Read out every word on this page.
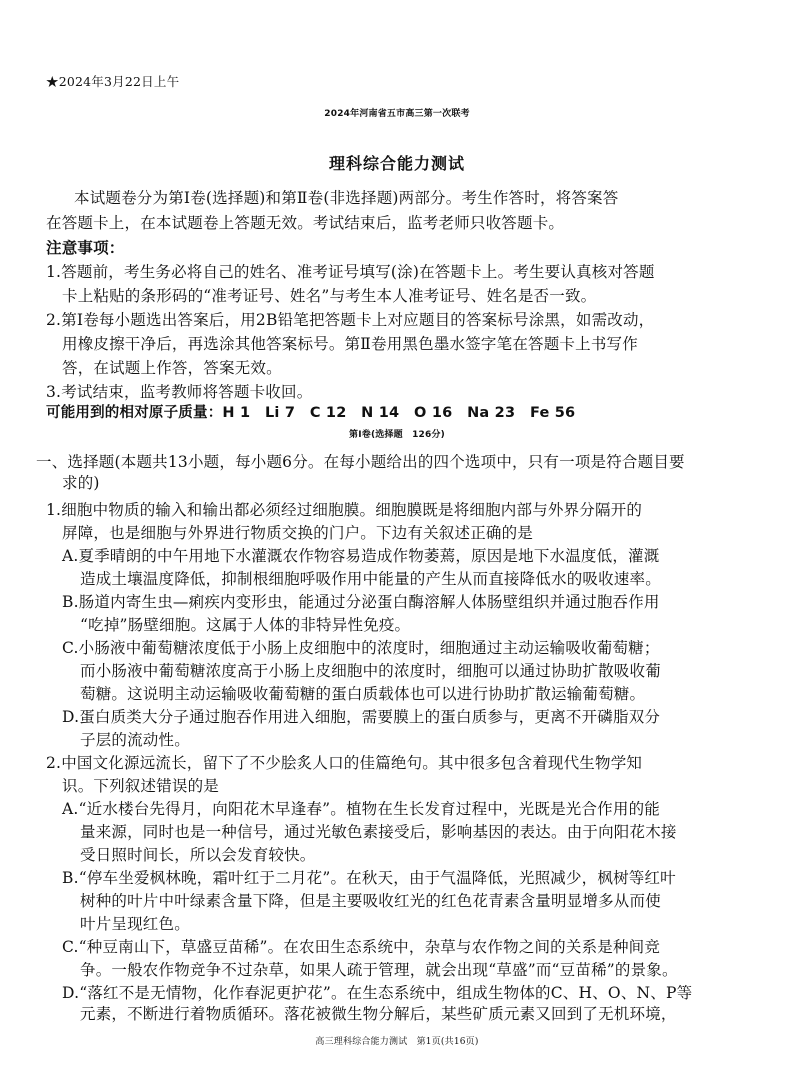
★2024年3月22日上午
2024年河南省五市高三第一次联考
理科综合能力测试
本试题卷分为第Ⅰ卷(选择题)和第Ⅱ卷(非选择题)两部分。考生作答时，将答案答
在答题卡上，在本试题卷上答题无效。考试结束后，监考老师只收答题卡。
注意事项：
1.答题前，考生务必将自己的姓名、准考证号填写(涂)在答题卡上。考生要认真核对答题
卡上粘贴的条形码的“准考证号、姓名”与考生本人准考证号、姓名是否一致。
2.第Ⅰ卷每小题选出答案后，用2B铅笔把答题卡上对应题目的答案标号涂黑，如需改动，
用橡皮擦干净后，再选涂其他答案标号。第Ⅱ卷用黑色墨水签字笔在答题卡上书写作
答，在试题上作答，答案无效。
3.考试结束，监考教师将答题卡收回。
可能用到的相对原子质量：H 1　Li 7　C 12　N 14　O 16　Na 23　Fe 56
第Ⅰ卷(选择题　126分)
一、选择题(本题共13小题，每小题6分。在每小题给出的四个选项中，只有一项是符合题目要
求的)
1.细胞中物质的输入和输出都必须经过细胞膜。细胞膜既是将细胞内部与外界分隔开的
屏障，也是细胞与外界进行物质交换的门户。下边有关叙述正确的是
A.夏季晴朗的中午用地下水灌溉农作物容易造成作物萎蔫，原因是地下水温度低，灌溉
造成土壤温度降低，抑制根细胞呼吸作用中能量的产生从而直接降低水的吸收速率。
B.肠道内寄生虫—痢疾内变形虫，能通过分泌蛋白酶溶解人体肠壁组织并通过胞吞作用
“吃掉”肠壁细胞。这属于人体的非特异性免疫。
C.小肠液中葡萄糖浓度低于小肠上皮细胞中的浓度时，细胞通过主动运输吸收葡萄糖；
而小肠液中葡萄糖浓度高于小肠上皮细胞中的浓度时，细胞可以通过协助扩散吸收葡
萄糖。这说明主动运输吸收葡萄糖的蛋白质载体也可以进行协助扩散运输葡萄糖。
D.蛋白质类大分子通过胞吞作用进入细胞，需要膜上的蛋白质参与，更离不开磷脂双分
子层的流动性。
2.中国文化源远流长，留下了不少脍炙人口的佳篇绝句。其中很多包含着现代生物学知
识。下列叙述错误的是
A.“近水楼台先得月，向阳花木早逢春”。植物在生长发育过程中，光既是光合作用的能
量来源，同时也是一种信号，通过光敏色素接受后，影响基因的表达。由于向阳花木接
受日照时间长，所以会发育较快。
B.“停车坐爱枫林晚，霜叶红于二月花”。在秋天，由于气温降低，光照减少，枫树等红叶
树种的叶片中叶绿素含量下降，但是主要吸收红光的红色花青素含量明显增多从而使
叶片呈现红色。
C.“种豆南山下，草盛豆苗稀”。在农田生态系统中，杂草与农作物之间的关系是种间竞
争。一般农作物竞争不过杂草，如果人疏于管理，就会出现“草盛”而“豆苗稀”的景象。
D.“落红不是无情物，化作春泥更护花”。在生态系统中，组成生物体的C、H、O、N、P等
元素，不断进行着物质循环。落花被微生物分解后，某些矿质元素又回到了无机环境，
高三理科综合能力测试　第1页(共16页)
